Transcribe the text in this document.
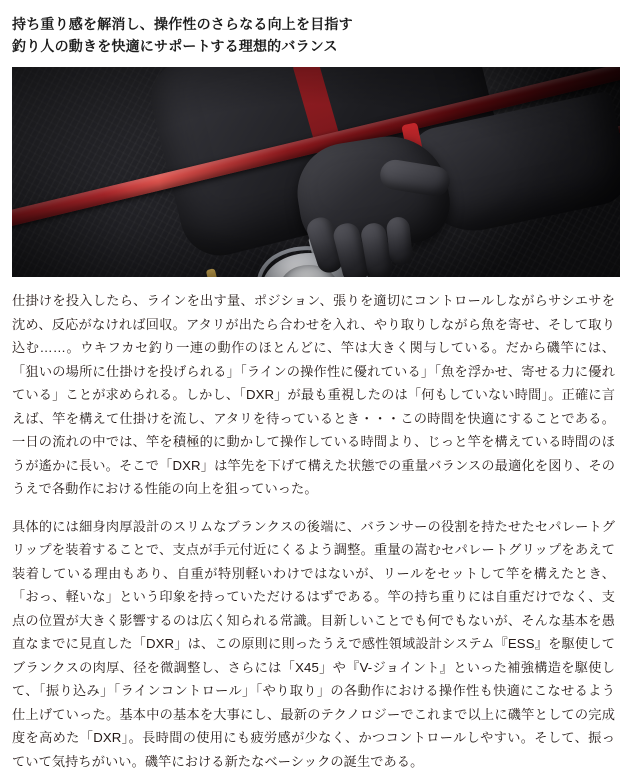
持ち重り感を解消し、操作性のさらなる向上を目指す
釣り人の動きを快適にサポートする理想的バランス

仕掛けを投入したら、ラインを出す量、ポジション、張りを適切にコントロールしながらサシエサを沈め、反応がなければ回収。アタリが出たら合わせを入れ、やり取りしながら魚を寄せ、そして取り込む……。ウキフカセ釣り一連の動作のほとんどに、竿は大きく関与している。だから磯竿には、「狙いの場所に仕掛けを投げられる」「ラインの操作性に優れている」「魚を浮かせ、寄せる力に優れている」ことが求められる。しかし、「DXR」が最も重視したのは「何もしていない時間」。正確に言えば、竿を構えて仕掛けを流し、アタリを待っているとき・・・この時間を快適にすることである。一日の流れの中では、竿を積極的に動かして操作している時間より、じっと竿を構えている時間のほうが遙かに長い。そこで「DXR」は竿先を下げて構えた状態での重量バランスの最適化を図り、そのうえで各動作における性能の向上を狙っていった。

具体的には細身肉厚設計のスリムなブランクスの後端に、バランサーの役割を持たせたセパレートグリップを装着することで、支点が手元付近にくるよう調整。重量の嵩むセパレートグリップをあえて装着している理由もあり、自重が特別軽いわけではないが、リールをセットして竿を構えたとき、「おっ、軽いな」という印象を持っていただけるはずである。竿の持ち重りには自重だけでなく、支点の位置が大きく影響するのは広く知られる常識。目新しいことでも何でもないが、そんな基本を愚直なまでに見直した「DXR」は、この原則に則ったうえで感性領域設計システム『ESS』を駆使してブランクスの肉厚、径を微調整し、さらには「X45」や『V-ジョイント』といった補強構造を駆使して、「振り込み」「ラインコントロール」「やり取り」の各動作における操作性も快適にこなせるよう仕上げていった。基本中の基本を大事にし、最新のテクノロジーでこれまで以上に磯竿としての完成度を高めた「DXR」。長時間の使用にも疲労感が少なく、かつコントロールしやすい。そして、振っていて気持ちがいい。磯竿における新たなベーシックの誕生である。
